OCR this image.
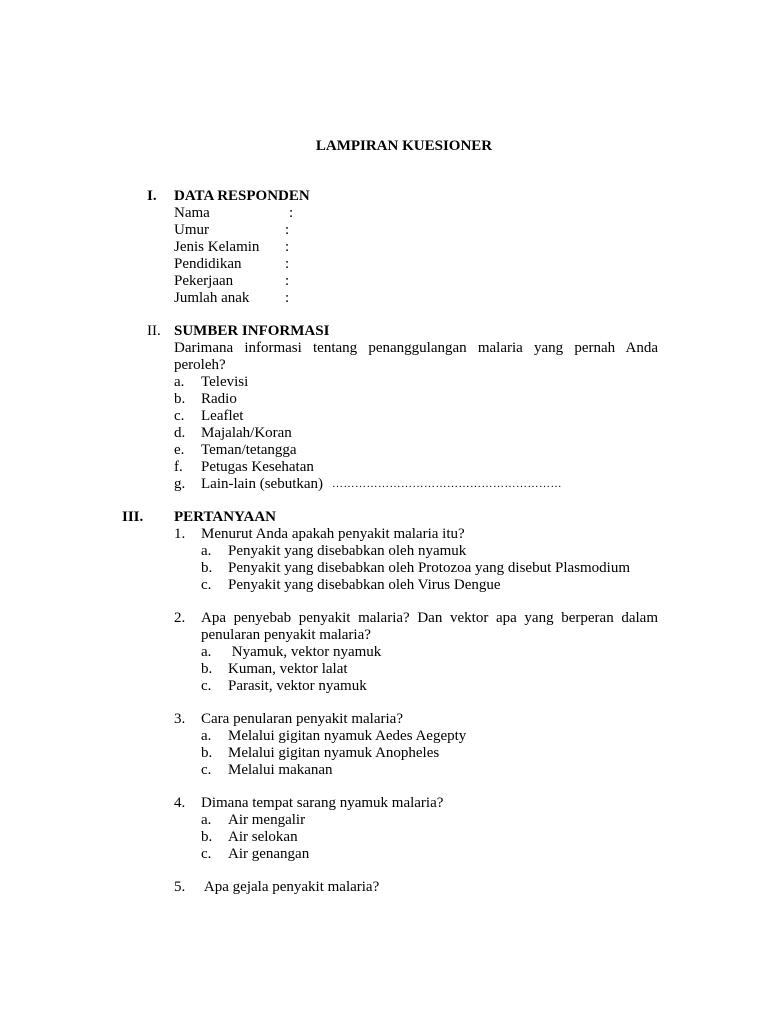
LAMPIRAN KUESIONER
I. DATA RESPONDEN
Nama	:
Umur	:
Jenis Kelamin :
Pendidikan	:
Pekerjaan	:
Jumlah anak :
II. SUMBER INFORMASI
Darimana informasi tentang penanggulangan malaria yang pernah Anda
peroleh?
a. Televisi
b. Radio
c. Leaflet
d. Majalah/Koran
e. Teman/tetangga
f. Petugas Kesehatan
g. Lain-lain (sebutkan) ……………………………………………………
III. PERTANYAAN
1. Menurut Anda apakah penyakit malaria itu?
a. Penyakit yang disebabkan oleh nyamuk
b. Penyakit yang disebabkan oleh Protozoa yang disebut Plasmodium
c. Penyakit yang disebabkan oleh Virus Dengue
2. Apa penyebab penyakit malaria? Dan vektor apa yang berperan dalam
penularan penyakit malaria?
a. Nyamuk, vektor nyamuk
b. Kuman, vektor lalat
c. Parasit, vektor nyamuk
3. Cara penularan penyakit malaria?
a. Melalui gigitan nyamuk Aedes Aegepty
b. Melalui gigitan nyamuk Anopheles
c. Melalui makanan
4. Dimana tempat sarang nyamuk malaria?
a. Air mengalir
b. Air selokan
c. Air genangan
5. Apa gejala penyakit malaria?
